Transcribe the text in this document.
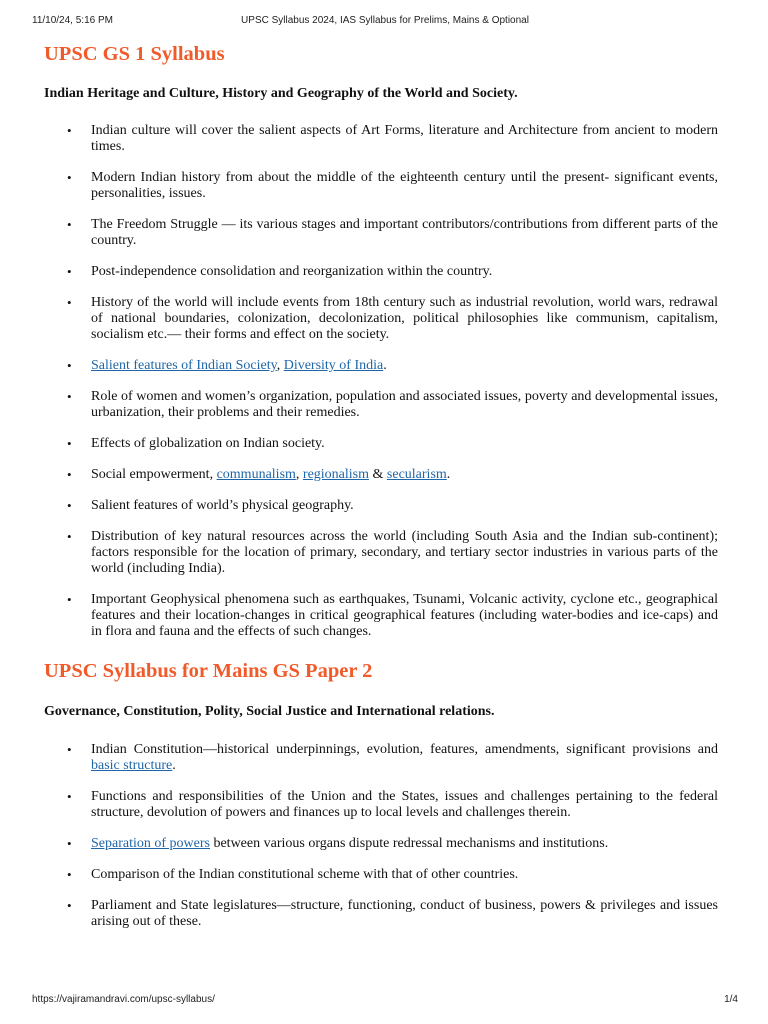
11/10/24, 5:16 PM	UPSC Syllabus 2024, IAS Syllabus for Prelims, Mains & Optional
UPSC GS 1 Syllabus

Indian Heritage and Culture, History and Geography of the World and Society.

• Indian culture will cover the salient aspects of Art Forms, literature and Architecture from ancient to modern times.
• Modern Indian history from about the middle of the eighteenth century until the present- significant events, personalities, issues.
• The Freedom Struggle — its various stages and important contributors/contributions from different parts of the country.
• Post-independence consolidation and reorganization within the country.
• History of the world will include events from 18th century such as industrial revolution, world wars, redrawal of national boundaries, colonization, decolonization, political philosophies like communism, capitalism, socialism etc.— their forms and effect on the society.
• Salient features of Indian Society, Diversity of India.
• Role of women and women’s organization, population and associated issues, poverty and developmental issues, urbanization, their problems and their remedies.
• Effects of globalization on Indian society.
• Social empowerment, communalism, regionalism & secularism.
• Salient features of world’s physical geography.
• Distribution of key natural resources across the world (including South Asia and the Indian sub-continent); factors responsible for the location of primary, secondary, and tertiary sector industries in various parts of the world (including India).
• Important Geophysical phenomena such as earthquakes, Tsunami, Volcanic activity, cyclone etc., geographical features and their location-changes in critical geographical features (including water-bodies and ice-caps) and in flora and fauna and the effects of such changes.
UPSC Syllabus for Mains GS Paper 2

Governance, Constitution, Polity, Social Justice and International relations.

• Indian Constitution—historical underpinnings, evolution, features, amendments, significant provisions and basic structure.
• Functions and responsibilities of the Union and the States, issues and challenges pertaining to the federal structure, devolution of powers and finances up to local levels and challenges therein.
• Separation of powers between various organs dispute redressal mechanisms and institutions.
• Comparison of the Indian constitutional scheme with that of other countries.
• Parliament and State legislatures—structure, functioning, conduct of business, powers & privileges and issues arising out of these.
https://vajiramandravi.com/upsc-syllabus/	1/4
